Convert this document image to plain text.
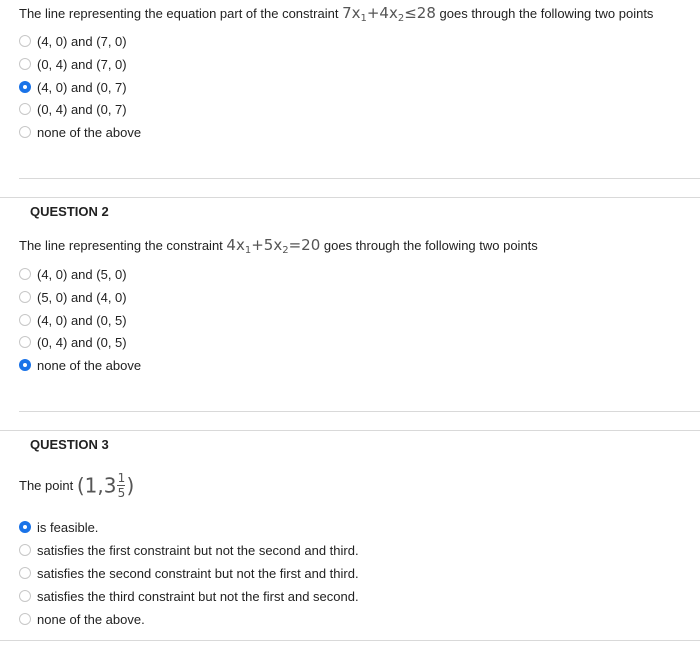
The line representing the equation part of the constraint $7x_1+4x_2\le 28$ goes through the following two points
(4, 0) and (7, 0)
(0, 4) and (7, 0)
(4, 0) and (0, 7)
(0, 4) and (0, 7)
none of the above
QUESTION 2
The line representing the constraint $4x_1+5x_2=20$ goes through the following two points
(4, 0) and (5, 0)
(5, 0) and (4, 0)
(4, 0) and (0, 5)
(0, 4) and (0, 5)
none of the above
QUESTION 3
The point ($1,3 \frac{1}{5}$ )
is feasible.
satisfies the first constraint but not the second and third.
satisfies the second constraint but not the first and third.
satisfies the third constraint but not the first and second.
none of the above.
